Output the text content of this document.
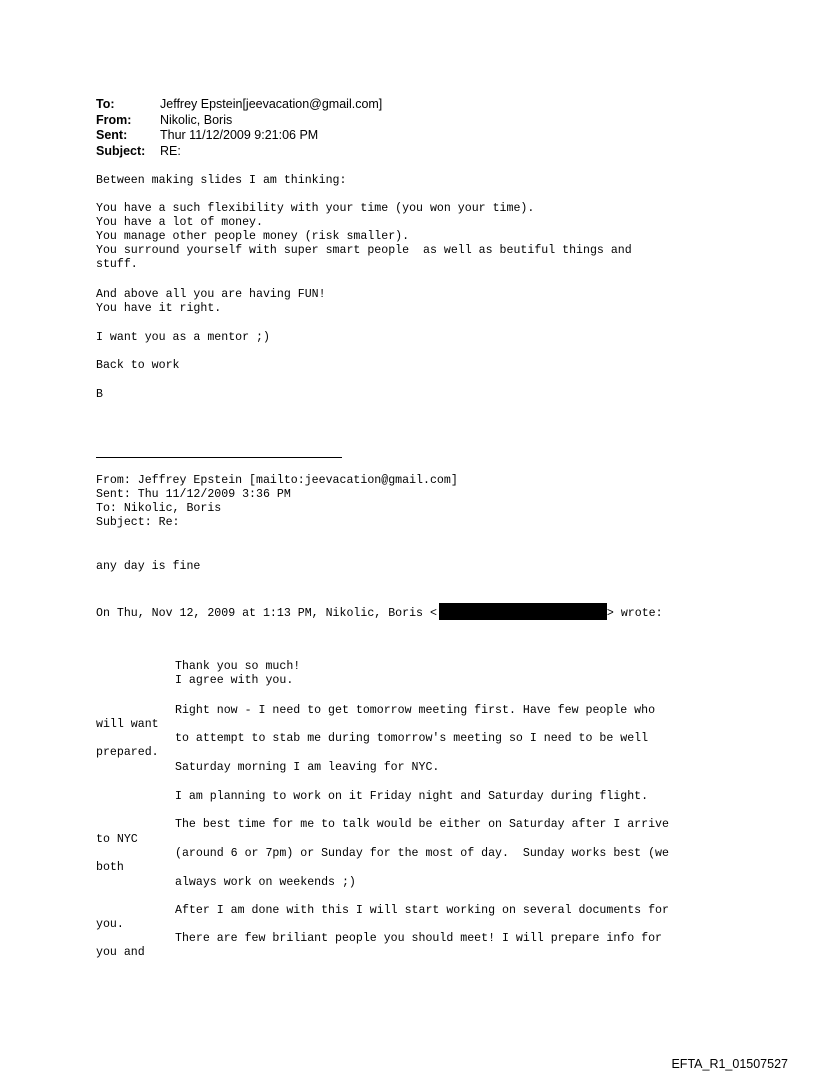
To:	Jeffrey Epstein[jeevacation@gmail.com]
From:	Nikolic, Boris
Sent:	Thur 11/12/2009 9:21:06 PM
Subject:	RE:

Between making slides I am thinking:

You have a such flexibility with your time (you won your time).

You have a lot of money.

You manage other people money (risk smaller).

You surround yourself with super smart people  as well as beutiful things and

stuff.

And above all you are having FUN!

You have it right.

I want you as a mentor ;)

Back to work

B

From: Jeffrey Epstein [mailto:jeevacation@gmail.com]

Sent: Thu 11/12/2009 3:36 PM

To: Nikolic, Boris

Subject: Re:

any day is fine

On Thu, Nov 12, 2009 at 1:13 PM, Nikolic, Boris <	> wrote:

Thank you so much!

I agree with you.

Right now - I need to get tomorrow meeting first. Have few people who

will want

to attempt to stab me during tomorrow's meeting so I need to be well

prepared.

Saturday morning I am leaving for NYC.

I am planning to work on it Friday night and Saturday during flight.

The best time for me to talk would be either on Saturday after I arrive

to NYC

(around 6 or 7pm) or Sunday for the most of day.  Sunday works best (we

both

always work on weekends ;)

After I am done with this I will start working on several documents for

you.

There are few briliant people you should meet! I will prepare info for

you and

EFTA_R1_01507527
